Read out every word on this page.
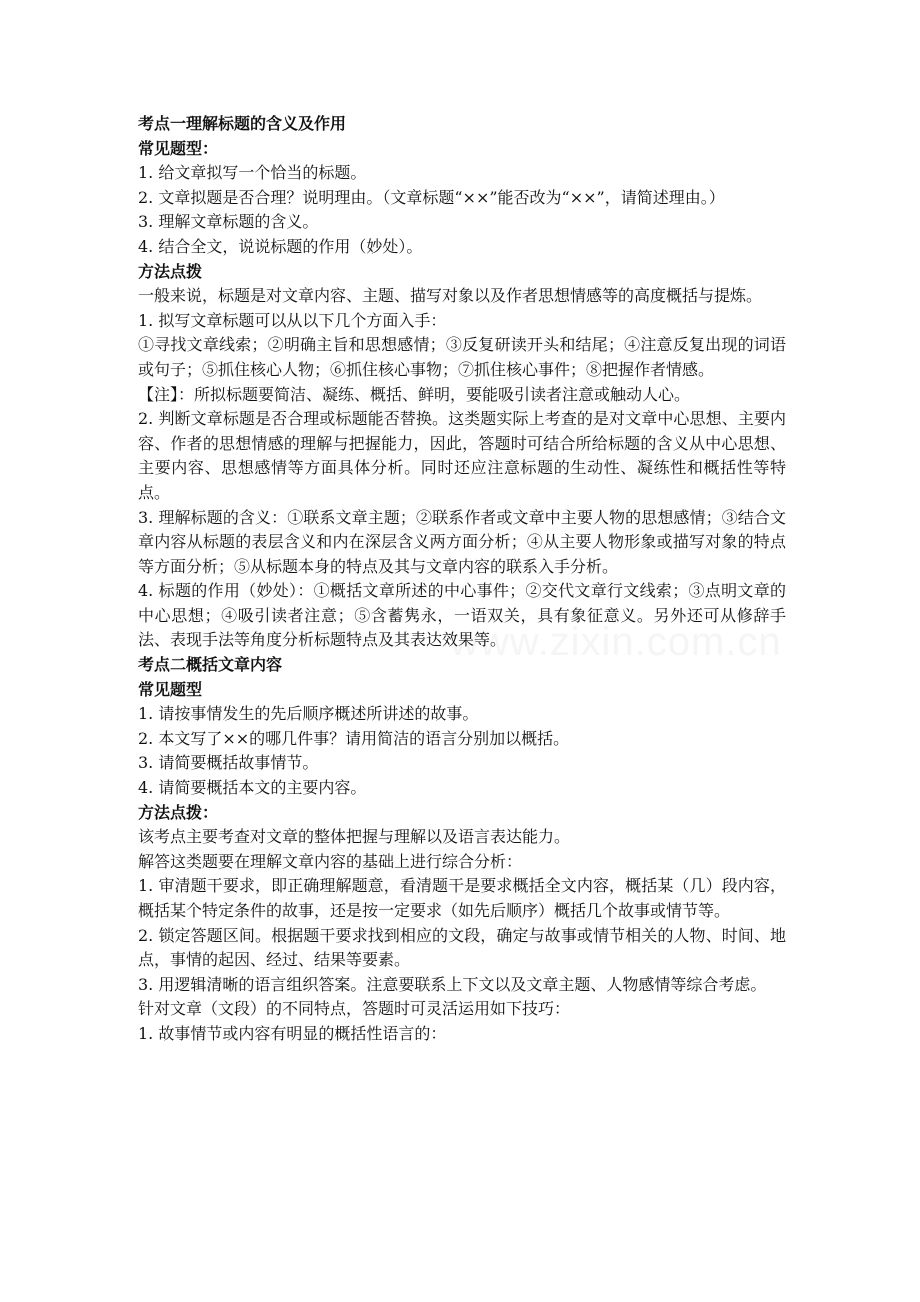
www.zixin.com.cn

考点一理解标题的含义及作用

常见题型：

1. 给文章拟写一个恰当的标题。

2. 文章拟题是否合理？说明理由。（文章标题“××”能否改为“××”，请简述理由。）

3. 理解文章标题的含义。

4. 结合全文，说说标题的作用（妙处）。

方法点拨

一般来说，标题是对文章内容、主题、描写对象以及作者思想情感等的高度概括与提炼。

1. 拟写文章标题可以从以下几个方面入手：

①寻找文章线索；②明确主旨和思想感情；③反复研读开头和结尾；④注意反复出现的词语或句子；⑤抓住核心人物；⑥抓住核心事物；⑦抓住核心事件；⑧把握作者情感。

【注】：所拟标题要简洁、凝练、概括、鲜明，要能吸引读者注意或触动人心。

2. 判断文章标题是否合理或标题能否替换。这类题实际上考查的是对文章中心思想、主要内容、作者的思想情感的理解与把握能力，因此，答题时可结合所给标题的含义从中心思想、主要内容、思想感情等方面具体分析。同时还应注意标题的生动性、凝练性和概括性等特点。

3. 理解标题的含义：①联系文章主题；②联系作者或文章中主要人物的思想感情；③结合文章内容从标题的表层含义和内在深层含义两方面分析；④从主要人物形象或描写对象的特点等方面分析；⑤从标题本身的特点及其与文章内容的联系入手分析。

4. 标题的作用（妙处）：①概括文章所述的中心事件；②交代文章行文线索；③点明文章的中心思想；④吸引读者注意；⑤含蓄隽永，一语双关，具有象征意义。另外还可从修辞手法、表现手法等角度分析标题特点及其表达效果等。

考点二概括文章内容

常见题型

1. 请按事情发生的先后顺序概述所讲述的故事。

2. 本文写了××的哪几件事？请用简洁的语言分别加以概括。

3. 请简要概括故事情节。

4. 请简要概括本文的主要内容。

方法点拨：

该考点主要考查对文章的整体把握与理解以及语言表达能力。

解答这类题要在理解文章内容的基础上进行综合分析：

1. 审清题干要求，即正确理解题意，看清题干是要求概括全文内容，概括某（几）段内容，概括某个特定条件的故事，还是按一定要求（如先后顺序）概括几个故事或情节等。

2. 锁定答题区间。根据题干要求找到相应的文段，确定与故事或情节相关的人物、时间、地点，事情的起因、经过、结果等要素。

3. 用逻辑清晰的语言组织答案。注意要联系上下文以及文章主题、人物感情等综合考虑。

针对文章（文段）的不同特点，答题时可灵活运用如下技巧：

1. 故事情节或内容有明显的概括性语言的：
